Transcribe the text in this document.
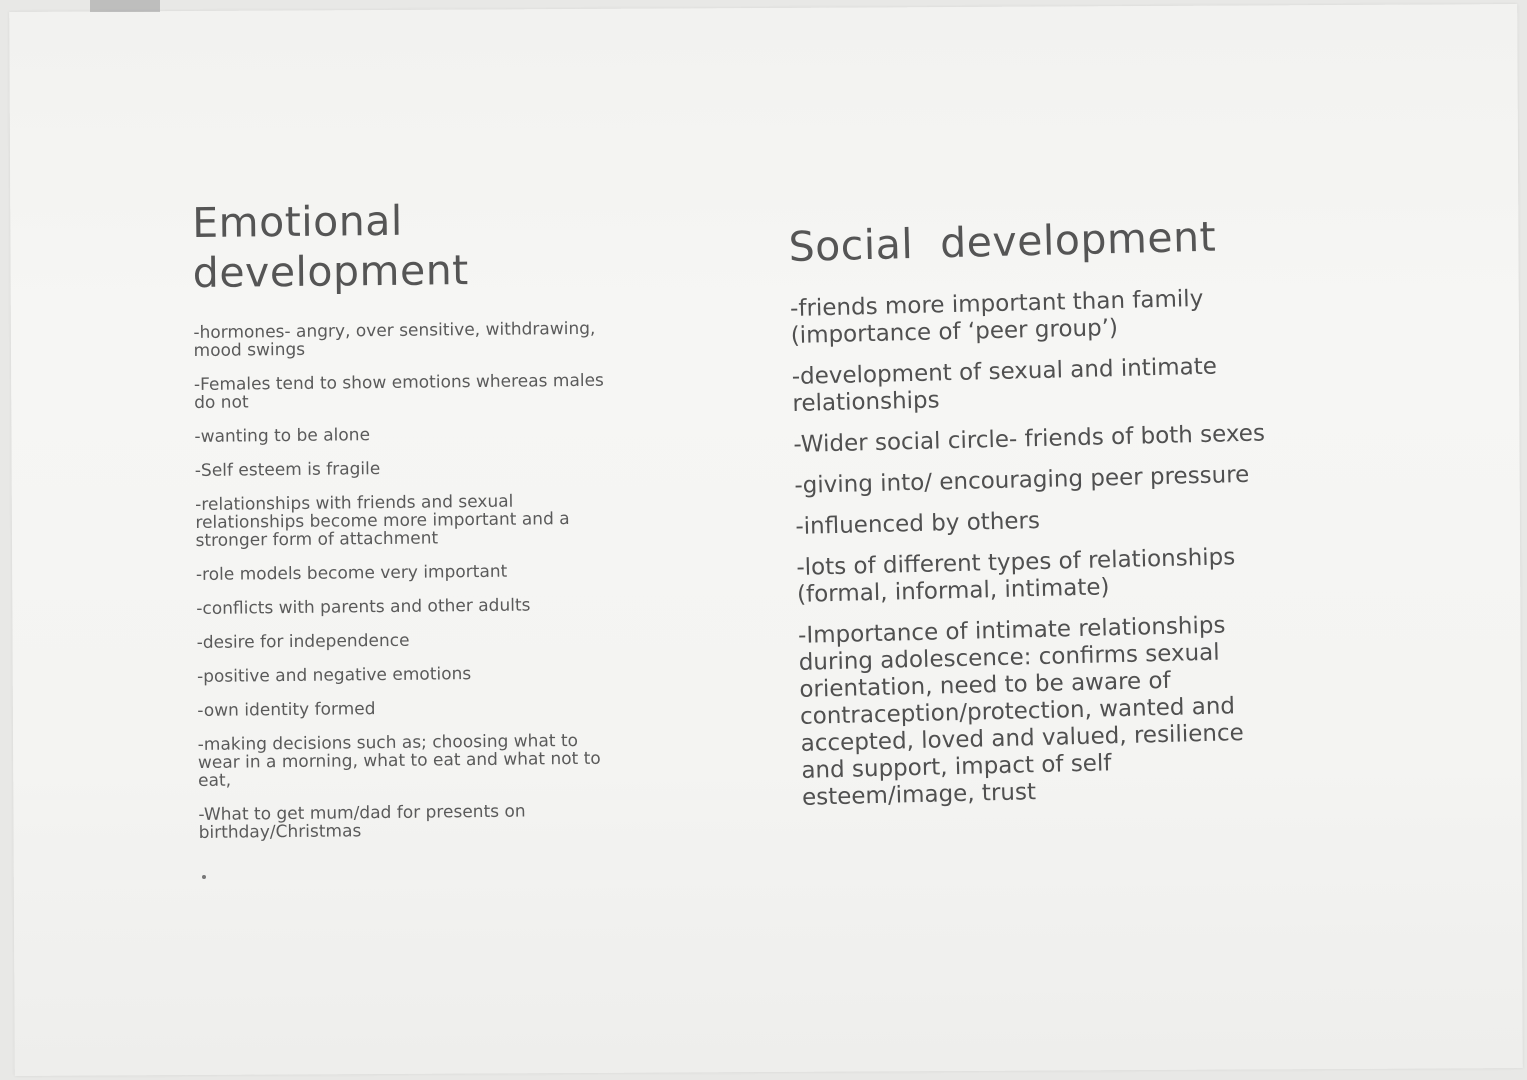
Emotional
development
-hormones- angry, over sensitive, withdrawing,
mood swings
-Females tend to show emotions whereas males
do not
-wanting to be alone
-Self esteem is fragile
-relationships with friends and sexual
relationships become more important and a
stronger form of attachment
-role models become very important
-conflicts with parents and other adults
-desire for independence
-positive and negative emotions
-own identity formed
-making decisions such as; choosing what to
wear in a morning, what to eat and what not to
eat,
-What to get mum/dad for presents on
birthday/Christmas
Social  development
-friends more important than family
(importance of ‘peer group’)
-development of sexual and intimate
relationships
-Wider social circle- friends of both sexes
-giving into/ encouraging peer pressure
-influenced by others
-lots of different types of relationships
(formal, informal, intimate)
-Importance of intimate relationships
during adolescence: confirms sexual
orientation, need to be aware of
contraception/protection, wanted and
accepted, loved and valued, resilience
and support, impact of self
esteem/image, trust
